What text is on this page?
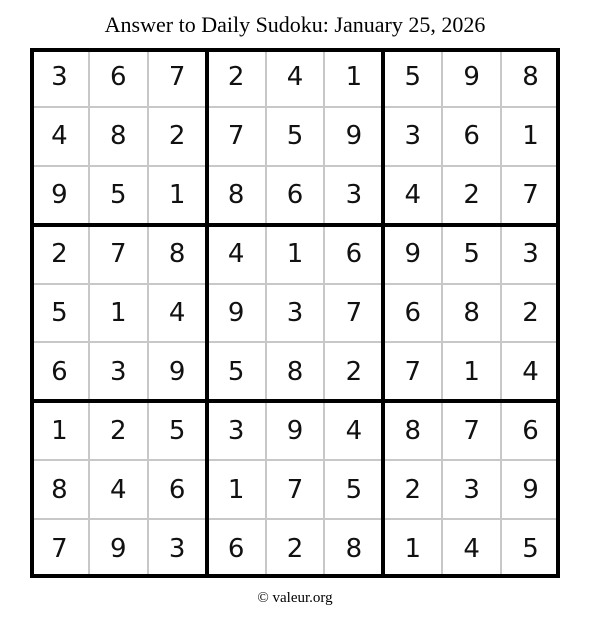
Answer to Daily Sudoku: January 25, 2026
3	6	7	2	4	1	5	9	8
4	8	2	7	5	9	3	6	1
9	5	1	8	6	3	4	2	7
2	7	8	4	1	6	9	5	3
5	1	4	9	3	7	6	8	2
6	3	9	5	8	2	7	1	4
1	2	5	3	9	4	8	7	6
8	4	6	1	7	5	2	3	9
7	9	3	6	2	8	1	4	5
© valeur.org
